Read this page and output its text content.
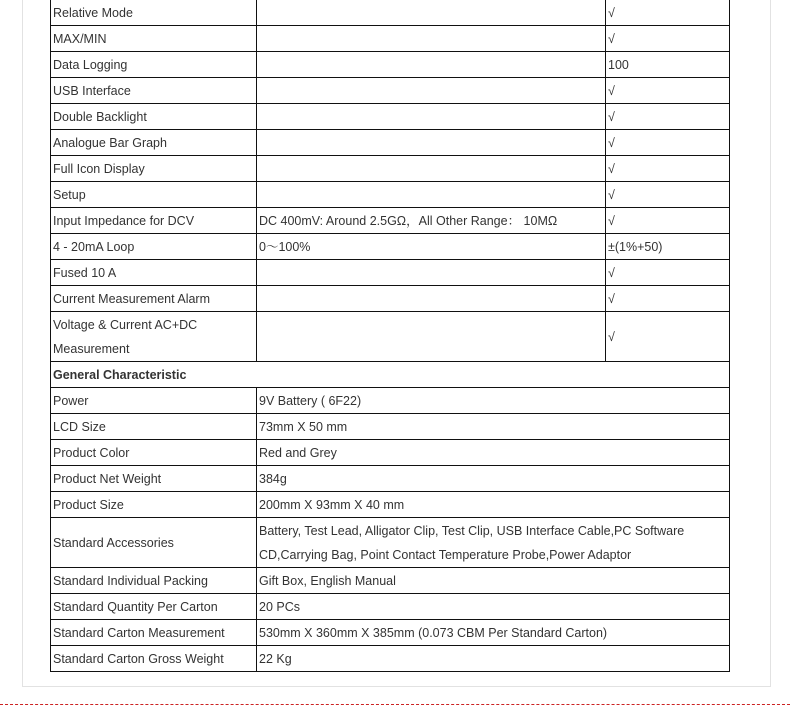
Relative Mode		√
MAX/MIN		√
Data Logging		100
USB Interface		√
Double Backlight		√
Analogue Bar Graph		√
Full Icon Display		√
Setup		√
Input Impedance for DCV	DC 400mV: Around 2.5GΩ，All Other Range： 10MΩ	√
4 - 20mA Loop	0～100%	±(1%+50)
Fused 10 A		√
Current Measurement Alarm		√
Voltage & Current AC+DC Measurement		√
General Characteristic		
Power	9V Battery ( 6F22)	
LCD Size	73mm X 50 mm	
Product Color	Red and Grey	
Product Net Weight	384g	
Product Size	200mm X 93mm X 40 mm	
Standard Accessories	Battery, Test Lead, Alligator Clip, Test Clip, USB Interface Cable,PC Software CD,Carrying Bag, Point Contact Temperature Probe,Power Adaptor	
Standard Individual Packing	Gift Box, English Manual	
Standard Quantity Per Carton	20 PCs	
Standard Carton Measurement	530mm X 360mm X 385mm (0.073 CBM Per Standard Carton)	
Standard Carton Gross Weight	22 Kg	
